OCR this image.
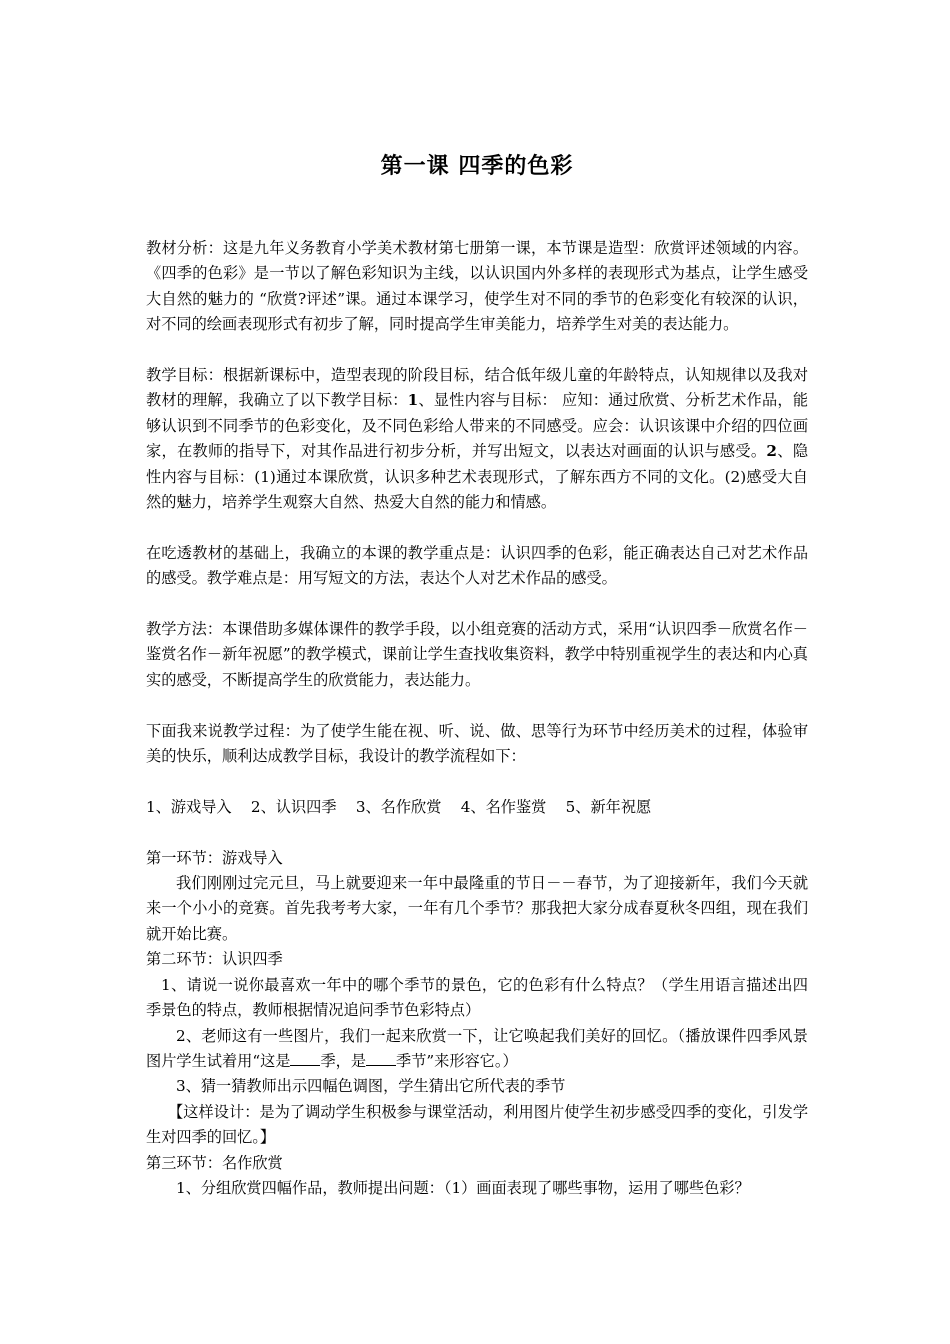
第一课 四季的色彩

教材分析：这是九年义务教育小学美术教材第七册第一课，本节课是造型：欣赏评述领域的内容。《四季的色彩》是一节以了解色彩知识为主线，以认识国内外多样的表现形式为基点，让学生感受大自然的魅力的 “欣赏?评述”课。通过本课学习，使学生对不同的季节的色彩变化有较深的认识，对不同的绘画表现形式有初步了解，同时提高学生审美能力，培养学生对美的表达能力。

教学目标：根据新课标中，造型表现的阶段目标，结合低年级儿童的年龄特点，认知规律以及我对教材的理解，我确立了以下教学目标：1、显性内容与目标： 应知：通过欣赏、分析艺术作品，能够认识到不同季节的色彩变化，及不同色彩给人带来的不同感受。应会：认识该课中介绍的四位画家，在教师的指导下，对其作品进行初步分析，并写出短文，以表达对画面的认识与感受。2、隐性内容与目标：(1)通过本课欣赏，认识多种艺术表现形式，了解东西方不同的文化。(2)感受大自然的魅力，培养学生观察大自然、热爱大自然的能力和情感。

在吃透教材的基础上，我确立的本课的教学重点是：认识四季的色彩，能正确表达自己对艺术作品的感受。教学难点是：用写短文的方法，表达个人对艺术作品的感受。

教学方法：本课借助多媒体课件的教学手段，以小组竞赛的活动方式，采用“认识四季－欣赏名作－鉴赏名作－新年祝愿”的教学模式，课前让学生查找收集资料，教学中特别重视学生的表达和内心真实的感受，不断提高学生的欣赏能力，表达能力。

下面我来说教学过程：为了使学生能在视、听、说、做、思等行为环节中经历美术的过程，体验审美的快乐，顺利达成教学目标，我设计的教学流程如下：

1、游戏导入    2、认识四季    3、名作欣赏    4、名作鉴赏    5、新年祝愿

第一环节：游戏导入

我们刚刚过完元旦，马上就要迎来一年中最隆重的节日－－春节，为了迎接新年，我们今天就来一个小小的竞赛。首先我考考大家，一年有几个季节？那我把大家分成春夏秋冬四组，现在我们就开始比赛。

第二环节：认识四季

1、请说一说你最喜欢一年中的哪个季节的景色，它的色彩有什么特点？（学生用语言描述出四季景色的特点，教师根据情况追问季节色彩特点）

2、老师这有一些图片，我们一起来欣赏一下，让它唤起我们美好的回忆。（播放课件四季风景图片学生试着用“这是 季，是 季节”来形容它。）

3、猜一猜教师出示四幅色调图，学生猜出它所代表的季节

【这样设计：是为了调动学生积极参与课堂活动，利用图片使学生初步感受四季的变化，引发学生对四季的回忆。】

第三环节：名作欣赏

1、分组欣赏四幅作品，教师提出问题：（1）画面表现了哪些事物，运用了哪些色彩？
